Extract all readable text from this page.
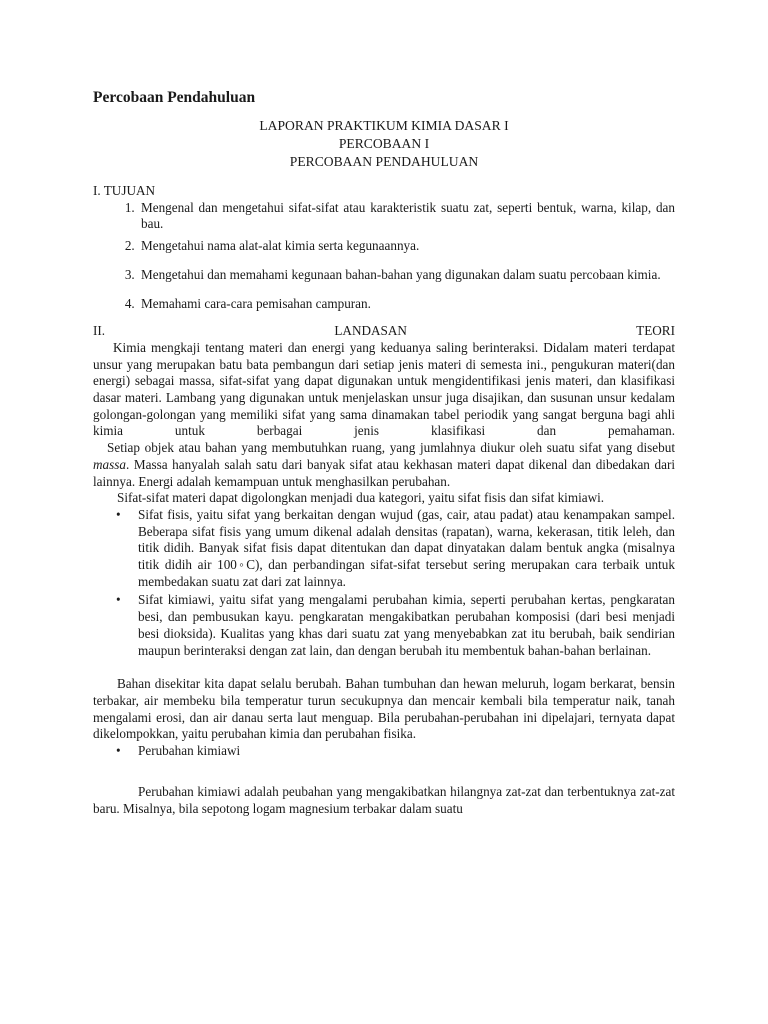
Percobaan Pendahuluan
LAPORAN PRAKTIKUM KIMIA DASAR I
PERCOBAAN I
PERCOBAAN PENDAHULUAN
I. TUJUAN
1. Mengenal dan mengetahui sifat-sifat atau karakteristik suatu zat, seperti bentuk, warna, kilap, dan bau.
2. Mengetahui nama alat-alat kimia serta kegunaannya.
3. Mengetahui dan memahami kegunaan bahan-bahan yang digunakan dalam suatu percobaan kimia.
4. Memahami cara-cara pemisahan campuran.
II.	LANDASAN	TEORI

Kimia mengkaji tentang materi dan energi yang keduanya saling berinteraksi. Didalam materi terdapat unsur yang merupakan batu bata pembangun dari setiap jenis materi di semesta ini., pengukuran materi(dan energi) sebagai massa, sifat-sifat yang dapat digunakan untuk mengidentifikasi jenis materi, dan klasifikasi dasar materi. Lambang yang digunakan untuk menjelaskan unsur juga disajikan, dan susunan unsur kedalam golongan-golongan yang memiliki sifat yang sama dinamakan tabel periodik yang sangat berguna bagi ahli kimia untuk berbagai jenis klasifikasi dan pemahaman.

Setiap objek atau bahan yang membutuhkan ruang, yang jumlahnya diukur oleh suatu sifat yang disebut massa. Massa hanyalah salah satu dari banyak sifat atau kekhasan materi dapat dikenal dan dibedakan dari lainnya. Energi adalah kemampuan untuk menghasilkan perubahan.

Sifat-sifat materi dapat digolongkan menjadi dua kategori, yaitu sifat fisis dan sifat kimiawi.

• Sifat fisis, yaitu sifat yang berkaitan dengan wujud (gas, cair, atau padat) atau kenampakan sampel. Beberapa sifat fisis yang umum dikenal adalah densitas (rapatan), warna, kekerasan, titik leleh, dan titik didih. Banyak sifat fisis dapat ditentukan dan dapat dinyatakan dalam bentuk angka (misalnya titik didih air 100◦C), dan perbandingan sifat-sifat tersebut sering merupakan cara terbaik untuk membedakan suatu zat dari zat lainnya.
• Sifat kimiawi, yaitu sifat yang mengalami perubahan kimia, seperti perubahan kertas, pengkaratan besi, dan pembusukan kayu. pengkaratan mengakibatkan perubahan komposisi (dari besi menjadi besi dioksida). Kualitas yang khas dari suatu zat yang menyebabkan zat itu berubah, baik sendirian maupun berinteraksi dengan zat lain, dan dengan berubah itu membentuk bahan-bahan berlainan.

Bahan disekitar kita dapat selalu berubah. Bahan tumbuhan dan hewan meluruh, logam berkarat, bensin terbakar, air membeku bila temperatur turun secukupnya dan mencair kembali bila temperatur naik, tanah mengalami erosi, dan air danau serta laut menguap. Bila perubahan-perubahan ini dipelajari, ternyata dapat dikelompokkan, yaitu perubahan kimia dan perubahan fisika.

• Perubahan kimiawi

Perubahan kimiawi adalah peubahan yang mengakibatkan hilangnya zat-zat dan terbentuknya zat-zat baru. Misalnya, bila sepotong logam magnesium terbakar dalam suatu
